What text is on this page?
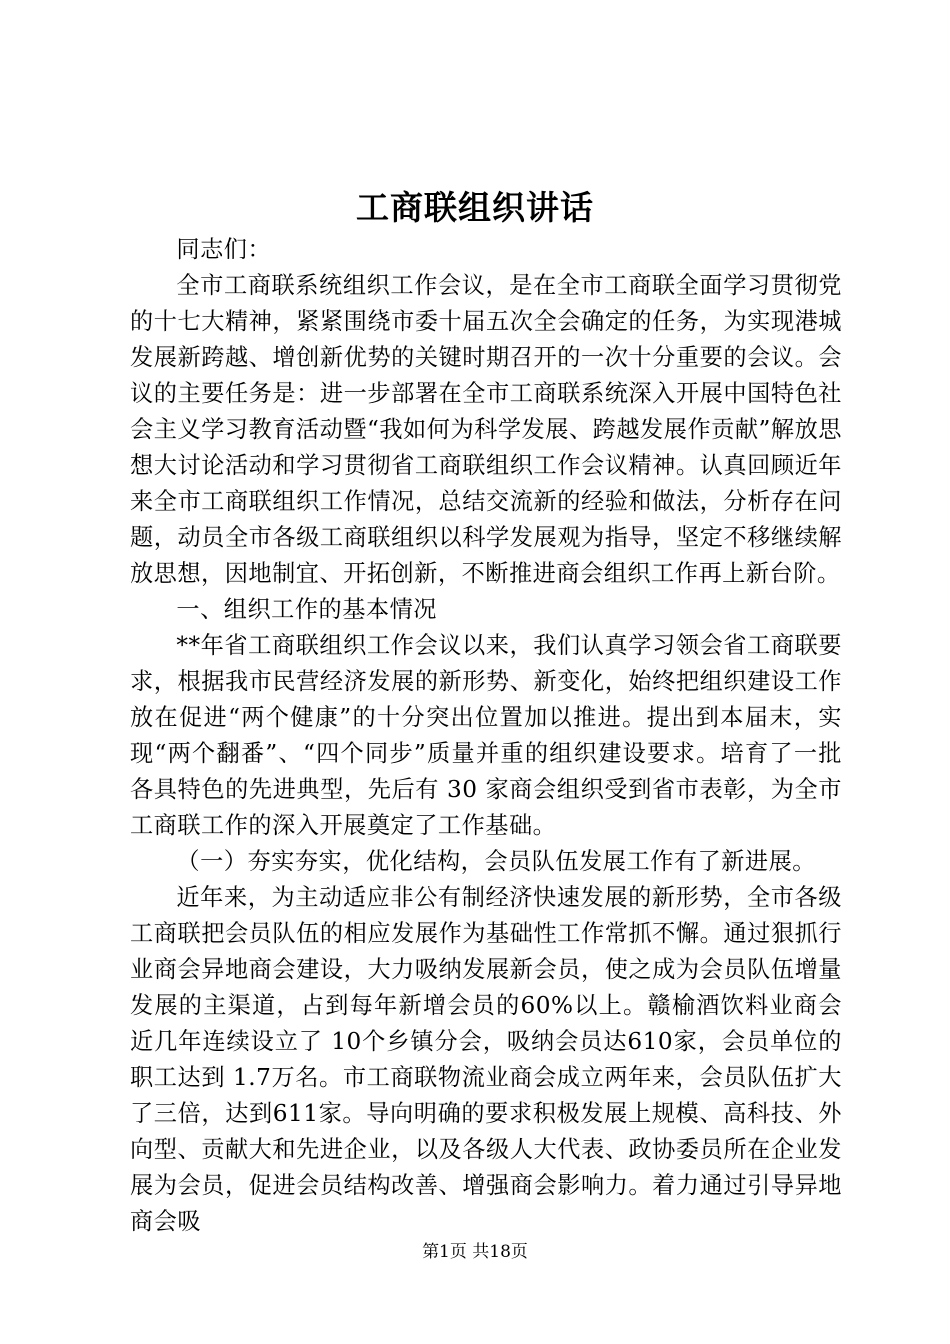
工商联组织讲话

同志们：

全市工商联系统组织工作会议，是在全市工商联全面学习贯彻党的十七大精神，紧紧围绕市委十届五次全会确定的任务，为实现港城发展新跨越、增创新优势的关键时期召开的一次十分重要的会议。会议的主要任务是：进一步部署在全市工商联系统深入开展中国特色社会主义学习教育活动暨“我如何为科学发展、跨越发展作贡献”解放思想大讨论活动和学习贯彻省工商联组织工作会议精神。认真回顾近年来全市工商联组织工作情况，总结交流新的经验和做法，分析存在问题，动员全市各级工商联组织以科学发展观为指导，坚定不移继续解放思想，因地制宜、开拓创新，不断推进商会组织工作再上新台阶。

一、组织工作的基本情况

**年省工商联组织工作会议以来，我们认真学习领会省工商联要求，根据我市民营经济发展的新形势、新变化，始终把组织建设工作放在促进“两个健康”的十分突出位置加以推进。提出到本届末，实现“两个翻番”、“四个同步”质量并重的组织建设要求。培育了一批各具特色的先进典型，先后有 30 家商会组织受到省市表彰，为全市工商联工作的深入开展奠定了工作基础。

（一）夯实夯实，优化结构，会员队伍发展工作有了新进展。

近年来，为主动适应非公有制经济快速发展的新形势，全市各级工商联把会员队伍的相应发展作为基础性工作常抓不懈。通过狠抓行业商会异地商会建设，大力吸纳发展新会员，使之成为会员队伍增量发展的主渠道，占到每年新增会员的60%以上。赣榆酒饮料业商会近几年连续设立了 10个乡镇分会，吸纳会员达610家，会员单位的职工达到 1.7万名。市工商联物流业商会成立两年来，会员队伍扩大了三倍，达到611家。导向明确的要求积极发展上规模、高科技、外向型、贡献大和先进企业，以及各级人大代表、政协委员所在企业发展为会员，促进会员结构改善、增强商会影响力。着力通过引导异地商会吸

第1页 共18页
